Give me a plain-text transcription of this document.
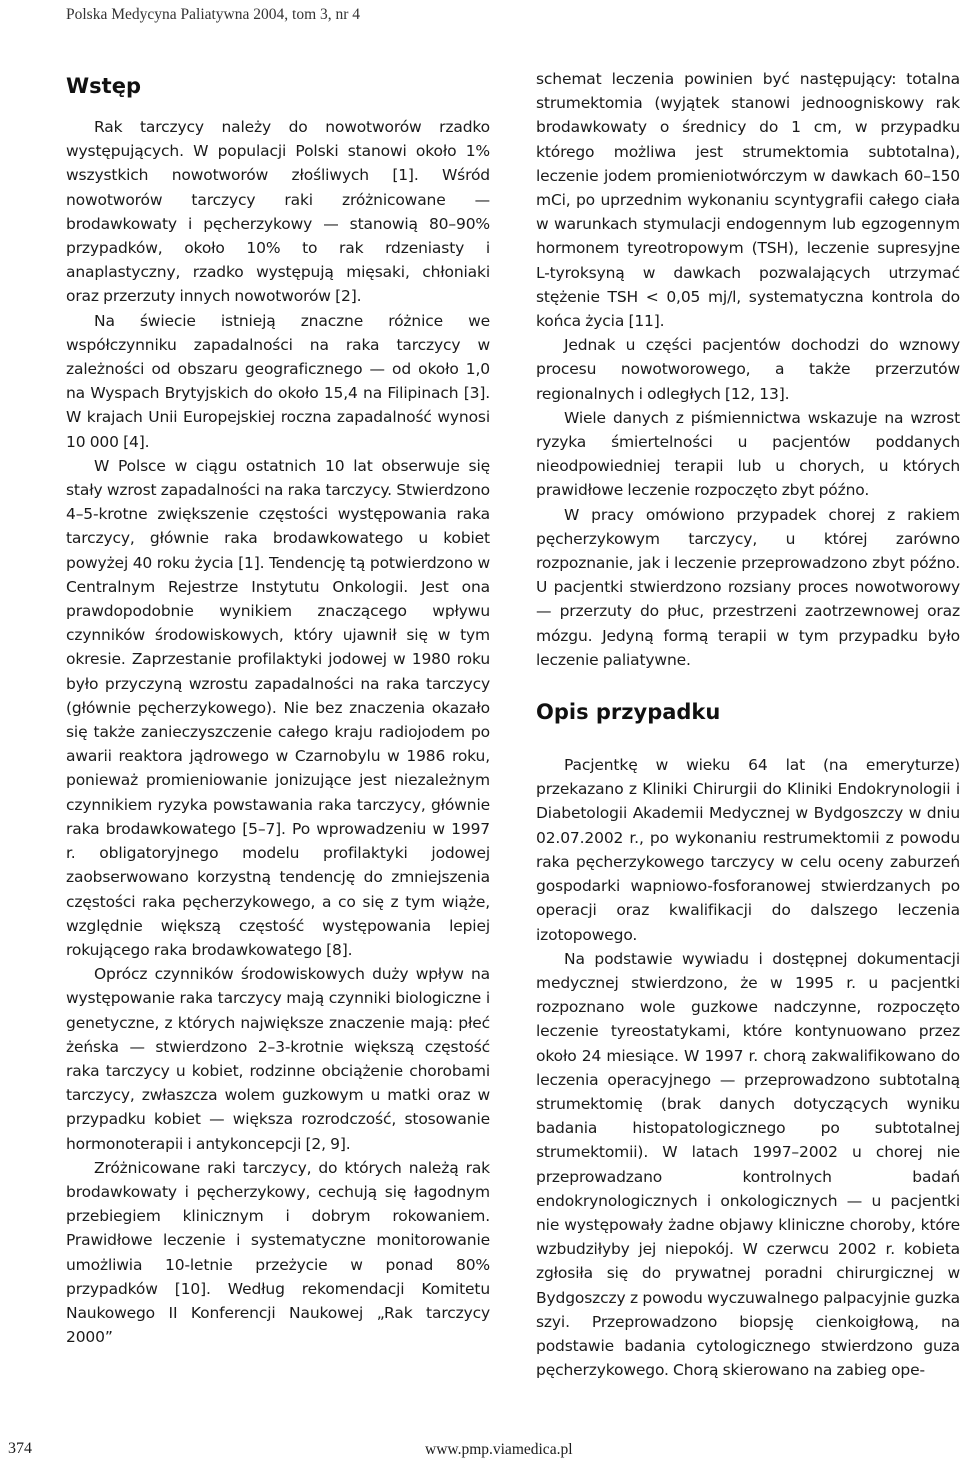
Polska Medycyna Paliatywna 2004, tom 3, nr 4
Wstęp

Rak tarczycy należy do nowotworów rzadko występujących. W populacji Polski stanowi około 1% wszystkich nowotworów złośliwych [1]. Wśród nowotworów tarczycy raki zróżnicowane — brodawkowaty i pęcherzykowy — stanowią 80–90% przypadków, około 10% to rak rdzeniasty i anaplastyczny, rzadko występują mięsaki, chłoniaki oraz przerzuty innych nowotworów [2].

Na świecie istnieją znaczne różnice we współczynniku zapadalności na raka tarczycy w zależności od obszaru geograficznego — od około 1,0 na Wyspach Brytyjskich do około 15,4 na Filipinach [3]. W krajach Unii Europejskiej roczna zapadalność wynosi 10 000 [4].

W Polsce w ciągu ostatnich 10 lat obserwuje się stały wzrost zapadalności na raka tarczycy. Stwierdzono 4–5-krotne zwiększenie częstości występowania raka tarczycy, głównie raka brodawkowatego u kobiet powyżej 40 roku życia [1]. Tendencję tą potwierdzono w Centralnym Rejestrze Instytutu Onkologii. Jest ona prawdopodobnie wynikiem znaczącego wpływu czynników środowiskowych, który ujawnił się w tym okresie. Zaprzestanie profilaktyki jodowej w 1980 roku było przyczyną wzrostu zapadalności na raka tarczycy (głównie pęcherzykowego). Nie bez znaczenia okazało się także zanieczyszczenie całego kraju radiojodem po awarii reaktora jądrowego w Czarnobylu w 1986 roku, ponieważ promieniowanie jonizujące jest niezależnym czynnikiem ryzyka powstawania raka tarczycy, głównie raka brodawkowatego [5–7]. Po wprowadzeniu w 1997 r. obligatoryjnego modelu profilaktyki jodowej zaobserwowano korzystną tendencję do zmniejszenia częstości raka pęcherzykowego, a co się z tym wiąże, względnie większą częstość występowania lepiej rokującego raka brodawkowatego [8].

Oprócz czynników środowiskowych duży wpływ na występowanie raka tarczycy mają czynniki biologiczne i genetyczne, z których największe znaczenie mają: płeć żeńska — stwierdzono 2–3-krotnie większą częstość raka tarczycy u kobiet, rodzinne obciążenie chorobami tarczycy, zwłaszcza wolem guzkowym u matki oraz w przypadku kobiet — większa rozrodczość, stosowanie hormonoterapii i antykoncepcji [2, 9].

Zróżnicowane raki tarczycy, do których należą rak brodawkowaty i pęcherzykowy, cechują się łagodnym przebiegiem klinicznym i dobrym rokowaniem. Prawidłowe leczenie i systematyczne monitorowanie umożliwia 10-letnie przeżycie w ponad 80% przypadków [10]. Według rekomendacji Komitetu Naukowego II Konferencji Naukowej „Rak tarczycy 2000”

schemat leczenia powinien być następujący: totalna strumektomia (wyjątek stanowi jednoogniskowy rak brodawkowaty o średnicy do 1 cm, w przypadku którego możliwa jest strumektomia subtotalna), leczenie jodem promieniotwórczym w dawkach 60–150 mCi, po uprzednim wykonaniu scyntygrafii całego ciała w warunkach stymulacji endogennym lub egzogennym hormonem tyreotropowym (TSH), leczenie supresyjne L-tyroksyną w dawkach pozwalających utrzymać stężenie TSH < 0,05 mj/l, systematyczna kontrola do końca życia [11].

Jednak u części pacjentów dochodzi do wznowy procesu nowotworowego, a także przerzutów regionalnych i odległych [12, 13].

Wiele danych z piśmiennictwa wskazuje na wzrost ryzyka śmiertelności u pacjentów poddanych nieodpowiedniej terapii lub u chorych, u których prawidłowe leczenie rozpoczęto zbyt późno.

W pracy omówiono przypadek chorej z rakiem pęcherzykowym tarczycy, u której zarówno rozpoznanie, jak i leczenie przeprowadzono zbyt późno. U pacjentki stwierdzono rozsiany proces nowotworowy — przerzuty do płuc, przestrzeni zaotrzewnowej oraz mózgu. Jedyną formą terapii w tym przypadku było leczenie paliatywne.

Opis przypadku

Pacjentkę w wieku 64 lat (na emeryturze) przekazano z Kliniki Chirurgii do Kliniki Endokrynologii i Diabetologii Akademii Medycznej w Bydgoszczy w dniu 02.07.2002 r., po wykonaniu restrumektomii z powodu raka pęcherzykowego tarczycy w celu oceny zaburzeń gospodarki wapniowo-fosforanowej stwierdzanych po operacji oraz kwalifikacji do dalszego leczenia izotopowego.

Na podstawie wywiadu i dostępnej dokumentacji medycznej stwierdzono, że w 1995 r. u pacjentki rozpoznano wole guzkowe nadczynne, rozpoczęto leczenie tyreostatykami, które kontynuowano przez około 24 miesiące. W 1997 r. chorą zakwalifikowano do leczenia operacyjnego — przeprowadzono subtotalną strumektomię (brak danych dotyczących wyniku badania histopatologicznego po subtotalnej strumektomii). W latach 1997–2002 u chorej nie przeprowadzano kontrolnych badań endokrynologicznych i onkologicznych — u pacjentki nie występowały żadne objawy kliniczne choroby, które wzbudziłyby jej niepokój. W czerwcu 2002 r. kobieta zgłosiła się do prywatnej poradni chirurgicznej w Bydgoszczy z powodu wyczuwalnego palpacyjnie guzka szyi. Przeprowadzono biopsję cienkoigłową, na podstawie badania cytologicznego stwierdzono guza pęcherzykowego. Chorą skierowano na zabieg ope-

374	www.pmp.viamedica.pl
